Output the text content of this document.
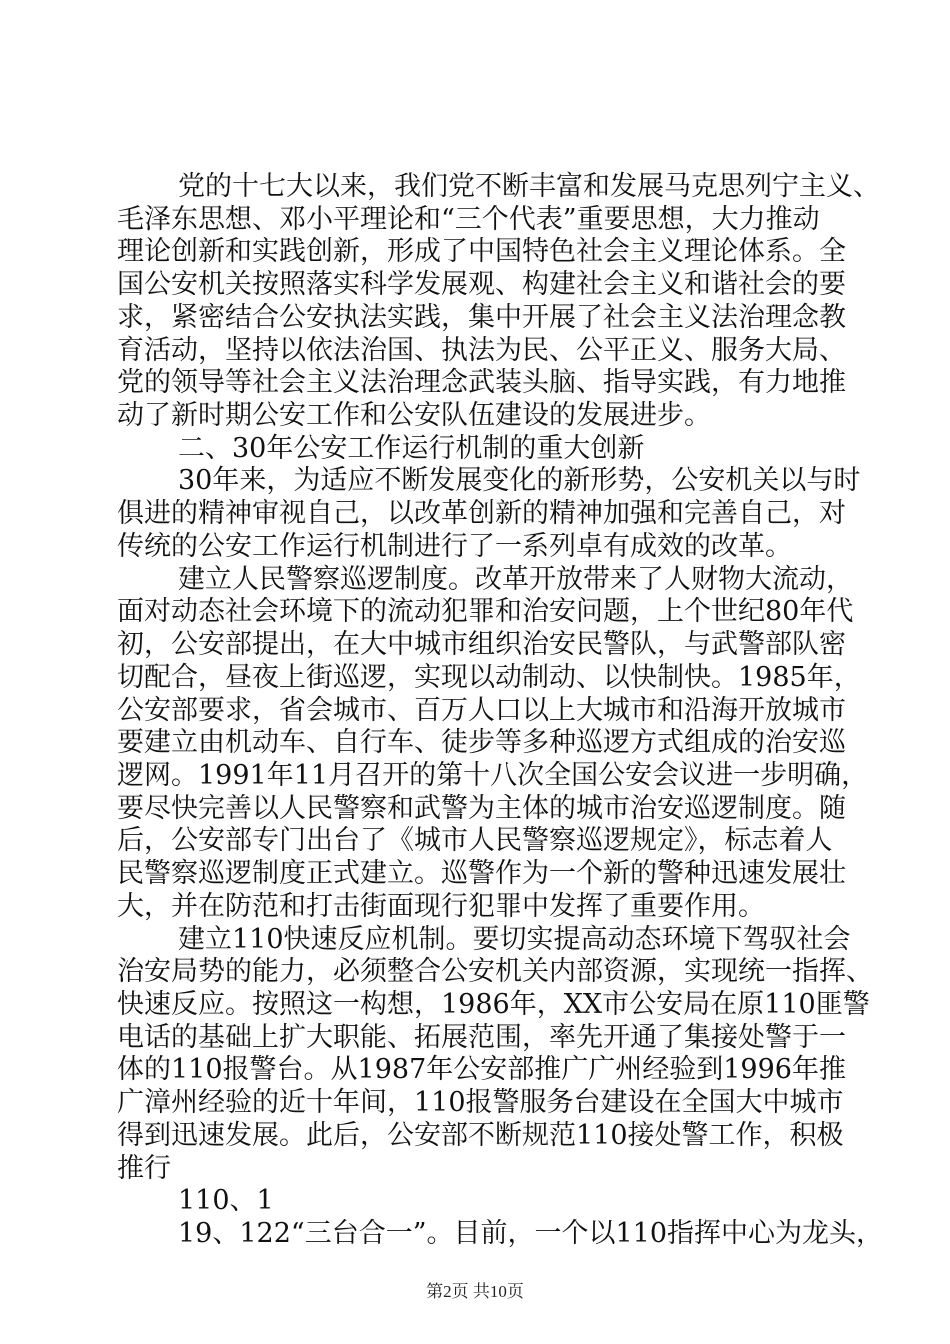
党的十七大以来，我们党不断丰富和发展马克思列宁主义、
毛泽东思想、邓小平理论和“三个代表”重要思想，大力推动
理论创新和实践创新，形成了中国特色社会主义理论体系。全
国公安机关按照落实科学发展观、构建社会主义和谐社会的要
求，紧密结合公安执法实践，集中开展了社会主义法治理念教
育活动，坚持以依法治国、执法为民、公平正义、服务大局、
党的领导等社会主义法治理念武装头脑、指导实践，有力地推
动了新时期公安工作和公安队伍建设的发展进步。
二、30年公安工作运行机制的重大创新
30年来，为适应不断发展变化的新形势，公安机关以与时
俱进的精神审视自己，以改革创新的精神加强和完善自己，对
传统的公安工作运行机制进行了一系列卓有成效的改革。
建立人民警察巡逻制度。改革开放带来了人财物大流动，
面对动态社会环境下的流动犯罪和治安问题，上个世纪80年代
初，公安部提出，在大中城市组织治安民警队，与武警部队密
切配合，昼夜上街巡逻，实现以动制动、以快制快。1985年，
公安部要求，省会城市、百万人口以上大城市和沿海开放城市
要建立由机动车、自行车、徒步等多种巡逻方式组成的治安巡
逻网。1991年11月召开的第十八次全国公安会议进一步明确，
要尽快完善以人民警察和武警为主体的城市治安巡逻制度。随
后，公安部专门出台了《城市人民警察巡逻规定》，标志着人
民警察巡逻制度正式建立。巡警作为一个新的警种迅速发展壮
大，并在防范和打击街面现行犯罪中发挥了重要作用。
建立110快速反应机制。要切实提高动态环境下驾驭社会
治安局势的能力，必须整合公安机关内部资源，实现统一指挥、
快速反应。按照这一构想，1986年，XX市公安局在原110匪警
电话的基础上扩大职能、拓展范围，率先开通了集接处警于一
体的110报警台。从1987年公安部推广广州经验到1996年推
广漳州经验的近十年间，110报警服务台建设在全国大中城市
得到迅速发展。此后，公安部不断规范110接处警工作，积极
推行
110、1
19、122“三台合一”。目前，一个以110指挥中心为龙头，
第2页 共10页
